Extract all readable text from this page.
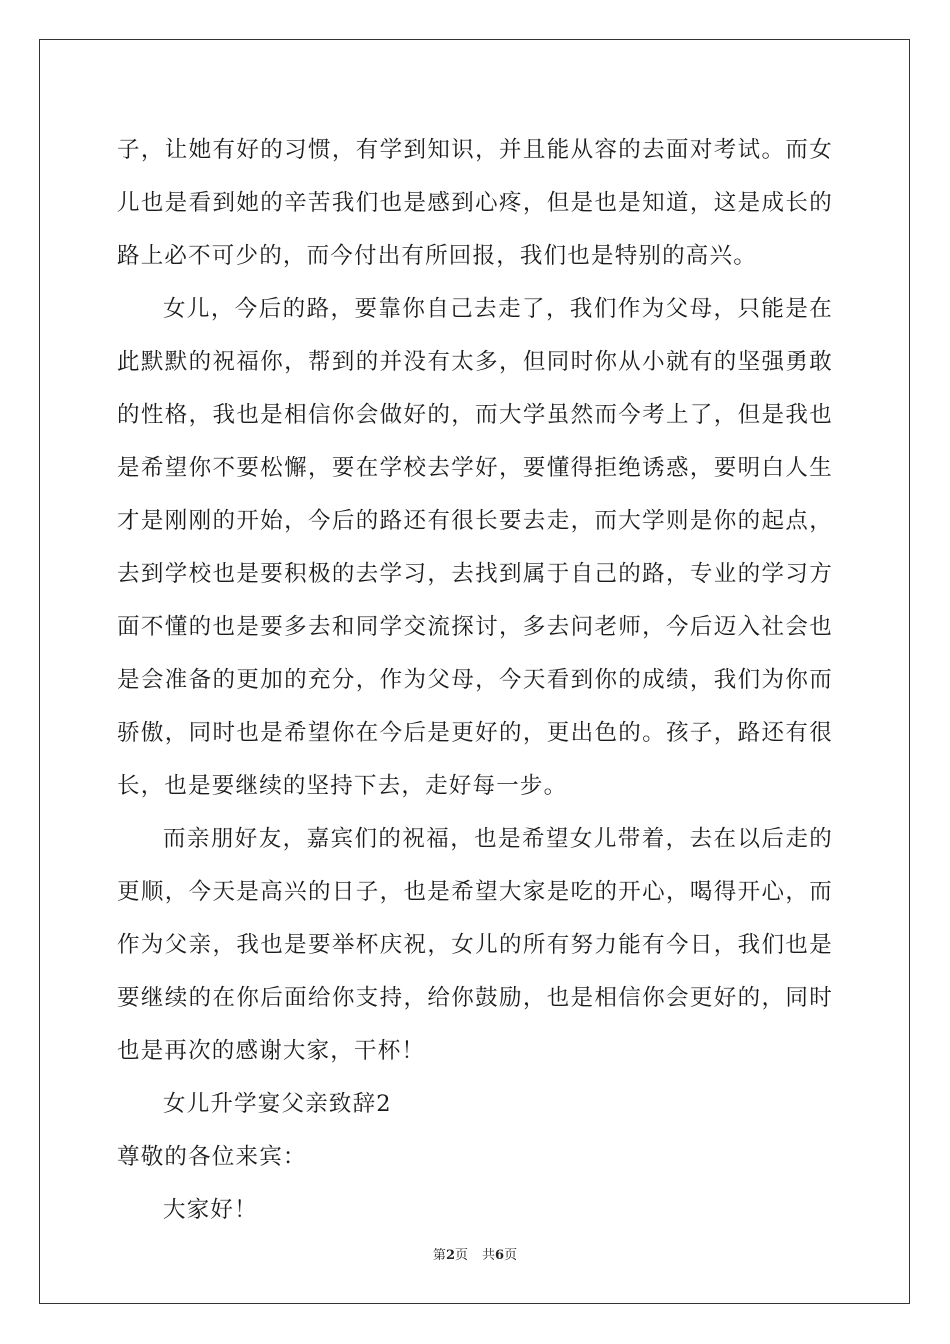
子，让她有好的习惯，有学到知识，并且能从容的去面对考试。而女儿也是看到她的辛苦我们也是感到心疼，但是也是知道，这是成长的路上必不可少的，而今付出有所回报，我们也是特别的高兴。

女儿，今后的路，要靠你自己去走了，我们作为父母，只能是在此默默的祝福你，帮到的并没有太多，但同时你从小就有的坚强勇敢的性格，我也是相信你会做好的，而大学虽然而今考上了，但是我也是希望你不要松懈，要在学校去学好，要懂得拒绝诱惑，要明白人生才是刚刚的开始，今后的路还有很长要去走，而大学则是你的起点，去到学校也是要积极的去学习，去找到属于自己的路，专业的学习方面不懂的也是要多去和同学交流探讨，多去问老师，今后迈入社会也是会准备的更加的充分，作为父母，今天看到你的成绩，我们为你而骄傲，同时也是希望你在今后是更好的，更出色的。孩子，路还有很长，也是要继续的坚持下去，走好每一步。

而亲朋好友，嘉宾们的祝福，也是希望女儿带着，去在以后走的更顺，今天是高兴的日子，也是希望大家是吃的开心，喝得开心，而作为父亲，我也是要举杯庆祝，女儿的所有努力能有今日，我们也是要继续的在你后面给你支持，给你鼓励，也是相信你会更好的，同时也是再次的感谢大家，干杯！

女儿升学宴父亲致辞2

尊敬的各位来宾：

大家好！

第2页 共6页
